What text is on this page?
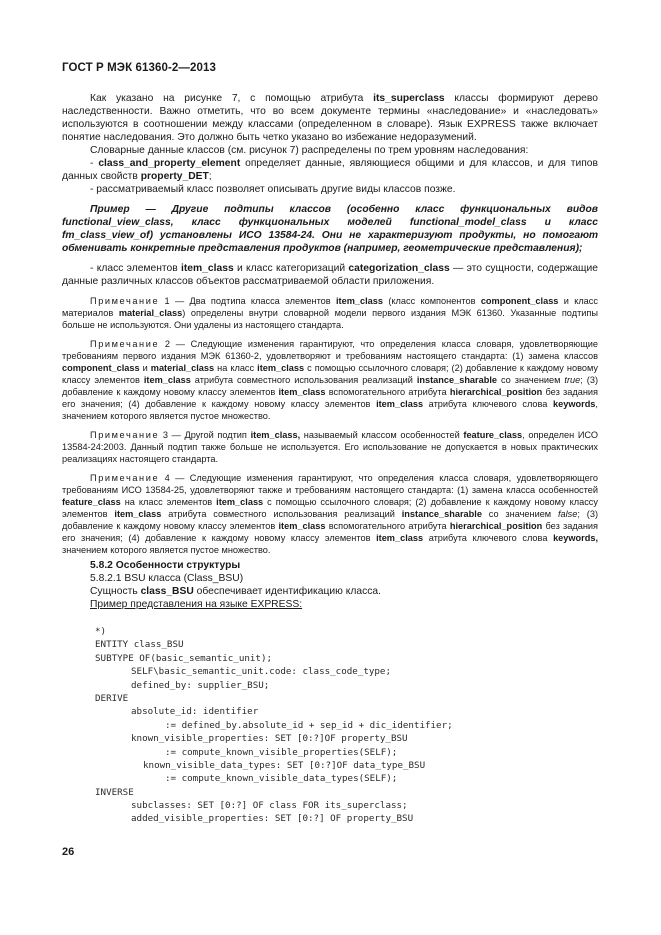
ГОСТ Р МЭК 61360-2—2013

Как указано на рисунке 7, с помощью атрибута its_superclass классы формируют дерево наследственности. Важно отметить, что во всем документе термины «наследование» и «наследовать» используются в соотношении между классами (определенном в словаре). Язык EXPRESS также включает понятие наследования. Это должно быть четко указано во избежание недоразумений.

Словарные данные классов (см. рисунок 7) распределены по трем уровням наследования:

- class_and_property_element определяет данные, являющиеся общими и для классов, и для типов данных свойств property_DET;

- рассматриваемый класс позволяет описывать другие виды классов позже.

Пример — Другие подтипы классов (особенно класс функциональных видов functional_view_class, класс функциональных моделей functional_model_class и класс fm_class_view_of) установлены ИСО 13584-24. Они не характеризуют продукты, но помогают обменивать конкретные представления продуктов (например, геометрические представления);

- класс элементов item_class и класс категоризаций categorization_class — это сущности, содержащие данные различных классов объектов рассматриваемой области приложения.

Примечание 1 — Два подтипа класса элементов item_class (класс компонентов component_class и класс материалов material_class) определены внутри словарной модели первого издания МЭК 61360. Указанные подтипы больше не используются. Они удалены из настоящего стандарта.

Примечание 2 — Следующие изменения гарантируют, что определения класса словаря, удовлетворяющие требованиям первого издания МЭК 61360-2, удовлетворяют и требованиям настоящего стандарта: (1) замена классов component_class и material_class на класс item_class с помощью ссылочного словаря; (2) добавление к каждому новому классу элементов item_class атрибута совместного использования реализаций instance_sharable со значением true; (3) добавление к каждому новому классу элементов item_class вспомогательного атрибута hierarchical_position без задания его значения; (4) добавление к каждому новому классу элементов item_class атрибута ключевого слова keywords, значением которого является пустое множество.

Примечание 3 — Другой подтип item_class, называемый классом особенностей feature_class, определен ИСО 13584-24:2003. Данный подтип также больше не используется. Его использование не допускается в новых практических реализациях настоящего стандарта.

Примечание 4 — Следующие изменения гарантируют, что определения класса словаря, удовлетворяющего требованиям ИСО 13584-25, удовлетворяют также и требованиям настоящего стандарта: (1) замена класса особенностей feature_class на класс элементов item_class с помощью ссылочного словаря; (2) добавление к каждому новому классу элементов item_class атрибута совместного использования реализаций instance_sharable со значением false; (3) добавление к каждому новому классу элементов item_class вспомогательного атрибута hierarchical_position без задания его значения; (4) добавление к каждому новому классу элементов item_class атрибута ключевого слова keywords, значением которого является пустое множество.

5.8.2 Особенности структуры

5.8.2.1 BSU класса (Class_BSU)

Сущность class_BSU обеспечивает идентификацию класса.

Пример представления на языке EXPRESS:

*)
ENTITY class_BSU
SUBTYPE OF(basic_semantic_unit);
SELF\basic_semantic_unit.code: class_code_type;
defined_by: supplier_BSU;
DERIVE
absolute_id: identifier
:= defined_by.absolute_id + sep_id + dic_identifier;
known_visible_properties: SET [0:?]OF property_BSU
:= compute_known_visible_properties(SELF);
known_visible_data_types: SET [0:?]OF data_type_BSU
:= compute_known_visible_data_types(SELF);
INVERSE
subclasses: SET [0:?] OF class FOR its_superclass;
added_visible_properties: SET [0:?] OF property_BSU
26
